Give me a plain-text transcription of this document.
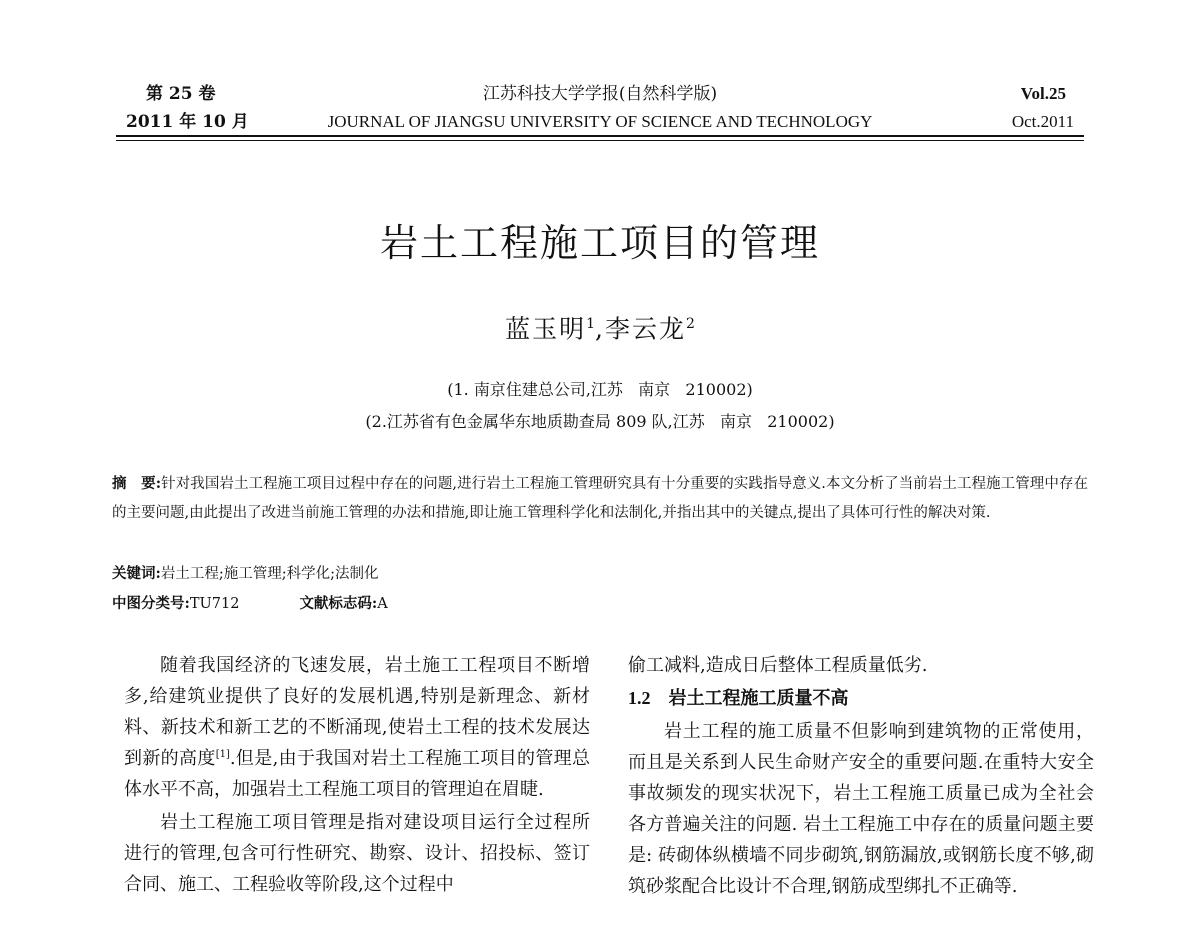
第 25 卷
2011 年 10 月
江苏科技大学学报(自然科学版)
JOURNAL OF JIANGSU UNIVERSITY OF SCIENCE AND TECHNOLOGY
Vol.25
Oct.2011
岩土工程施工项目的管理
蓝玉明$^1$,李云龙$^2$
(1. 南京住建总公司,江苏   南京   210002)
(2.江苏省有色金属华东地质勘查局 809 队,江苏   南京   210002)
摘　要:针对我国岩土工程施工项目过程中存在的问题,进行岩土工程施工管理研究具有十分重要的实践指导意义.本文分析了当前岩土工程施工管理中存在的主要问题,由此提出了改进当前施工管理的办法和措施,即让施工管理科学化和法制化,并指出其中的关键点,提出了具体可行性的解决对策.
关键词:岩土工程;施工管理;科学化;法制化
中图分类号:TU712	文献标志码:A

随着我国经济的飞速发展，岩土施工工程项目不断增多,给建筑业提供了良好的发展机遇,特别是新理念、新材料、新技术和新工艺的不断涌现,使岩土工程的技术发展达到新的高度[1].但是,由于我国对岩土工程施工项目的管理总体水平不高，加强岩土工程施工项目的管理迫在眉睫.

岩土工程施工项目管理是指对建设项目运行全过程所进行的管理,包含可行性研究、勘察、设计、招投标、签订合同、施工、工程验收等阶段,这个过程中

偷工减料,造成日后整体工程质量低劣.

1.2 岩土工程施工质量不高

岩土工程的施工质量不但影响到建筑物的正常使用，而且是关系到人民生命财产安全的重要问题.在重特大安全事故频发的现实状况下，岩土工程施工质量已成为全社会各方普遍关注的问题. 岩土工程施工中存在的质量问题主要是: 砖砌体纵横墙不同步砌筑,钢筋漏放,或钢筋长度不够,砌筑砂浆配合比设计不合理,钢筋成型绑扎不正确等.
